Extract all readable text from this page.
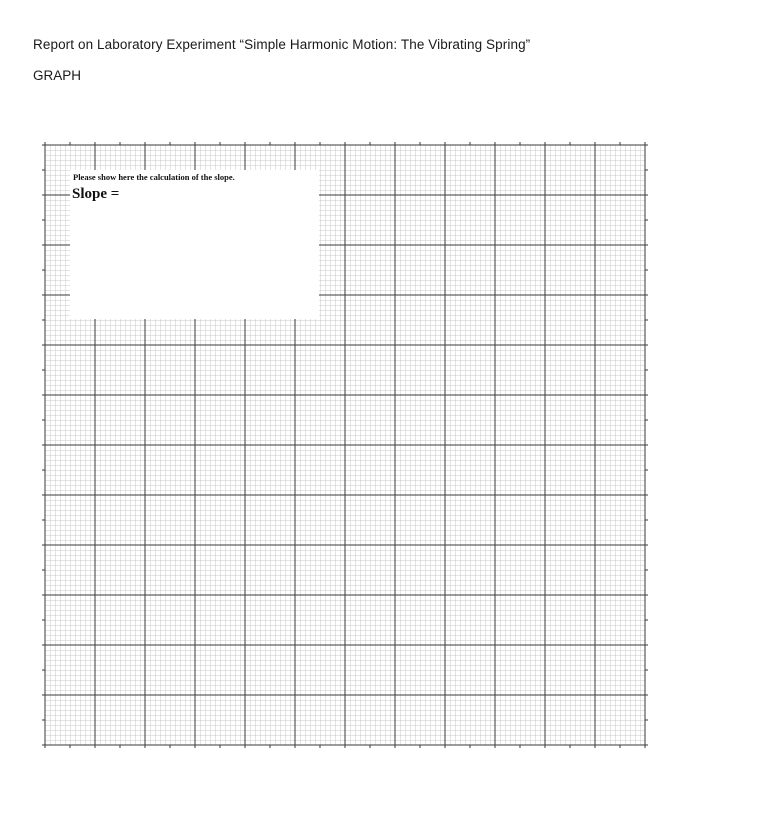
Report on Laboratory Experiment “Simple Harmonic Motion: The Vibrating Spring”
GRAPH
Please show here the calculation of the slope.
Slope =
